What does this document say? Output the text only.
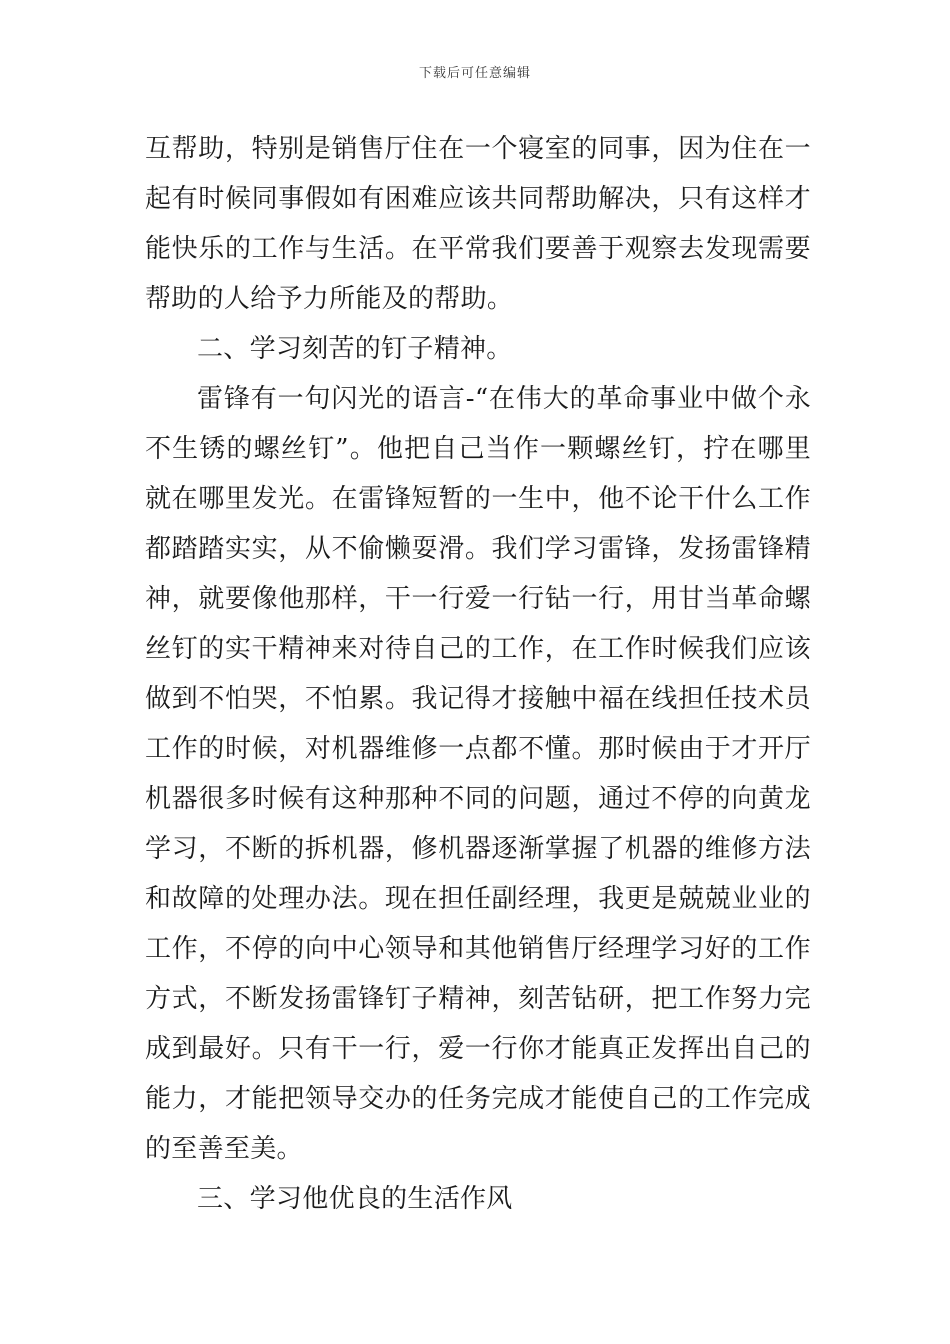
下载后可任意编辑

互帮助，特别是销售厅住在一个寝室的同事，因为住在一起有时候同事假如有困难应该共同帮助解决，只有这样才能快乐的工作与生活。在平常我们要善于观察去发现需要帮助的人给予力所能及的帮助。

二、学习刻苦的钉子精神。

雷锋有一句闪光的语言-“在伟大的革命事业中做个永不生锈的螺丝钉”。他把自己当作一颗螺丝钉，拧在哪里就在哪里发光。在雷锋短暂的一生中，他不论干什么工作都踏踏实实，从不偷懒耍滑。我们学习雷锋，发扬雷锋精神，就要像他那样，干一行爱一行钻一行，用甘当革命螺丝钉的实干精神来对待自己的工作，在工作时候我们应该做到不怕哭，不怕累。我记得才接触中福在线担任技术员工作的时候，对机器维修一点都不懂。那时候由于才开厅机器很多时候有这种那种不同的问题，通过不停的向黄龙学习，不断的拆机器，修机器逐渐掌握了机器的维修方法和故障的处理办法。现在担任副经理，我更是兢兢业业的工作，不停的向中心领导和其他销售厅经理学习好的工作方式，不断发扬雷锋钉子精神，刻苦钻研，把工作努力完成到最好。只有干一行，爱一行你才能真正发挥出自己的能力，才能把领导交办的任务完成才能使自己的工作完成的至善至美。

三、学习他优良的生活作风
